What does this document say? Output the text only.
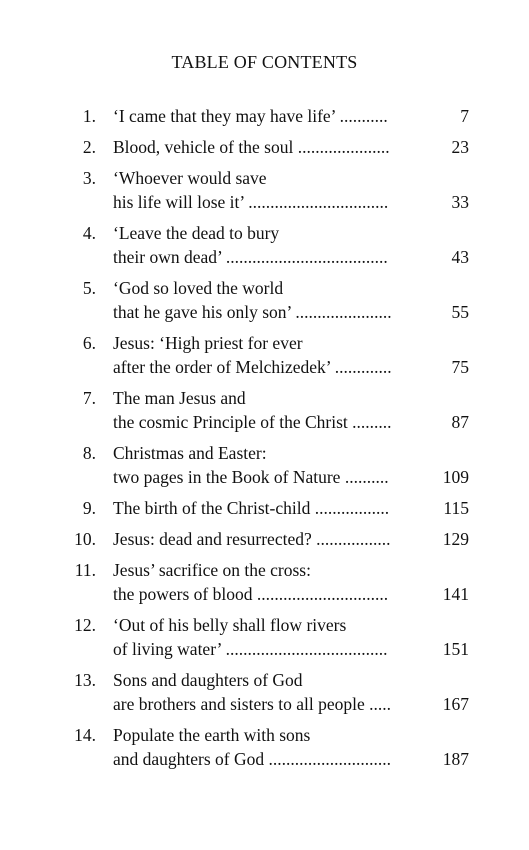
TABLE OF CONTENTS
1. ‘I came that they may have life’ ...........	7
2. Blood, vehicle of the soul .....................	23
3. ‘Whoever would save
his life will lose it’ ................................	33
4. ‘Leave the dead to bury
their own dead’ .....................................	43
5. ‘God so loved the world
that he gave his only son’ ......................	55
6. Jesus: ‘High priest for ever
after the order of Melchizedek’ .............	75
7. The man Jesus and
the cosmic Principle of the Christ .........	87
8. Christmas and Easter:
two pages in the Book of Nature ..........	109
9. The birth of the Christ-child .................	115
10. Jesus: dead and resurrected? .................	129
11. Jesus’ sacrifice on the cross:
the powers of blood ..............................	141
12. ‘Out of his belly shall flow rivers
of living water’ .....................................	151
13. Sons and daughters of God
are brothers and sisters to all people .....	167
14. Populate the earth with sons
and daughters of God ............................	187
